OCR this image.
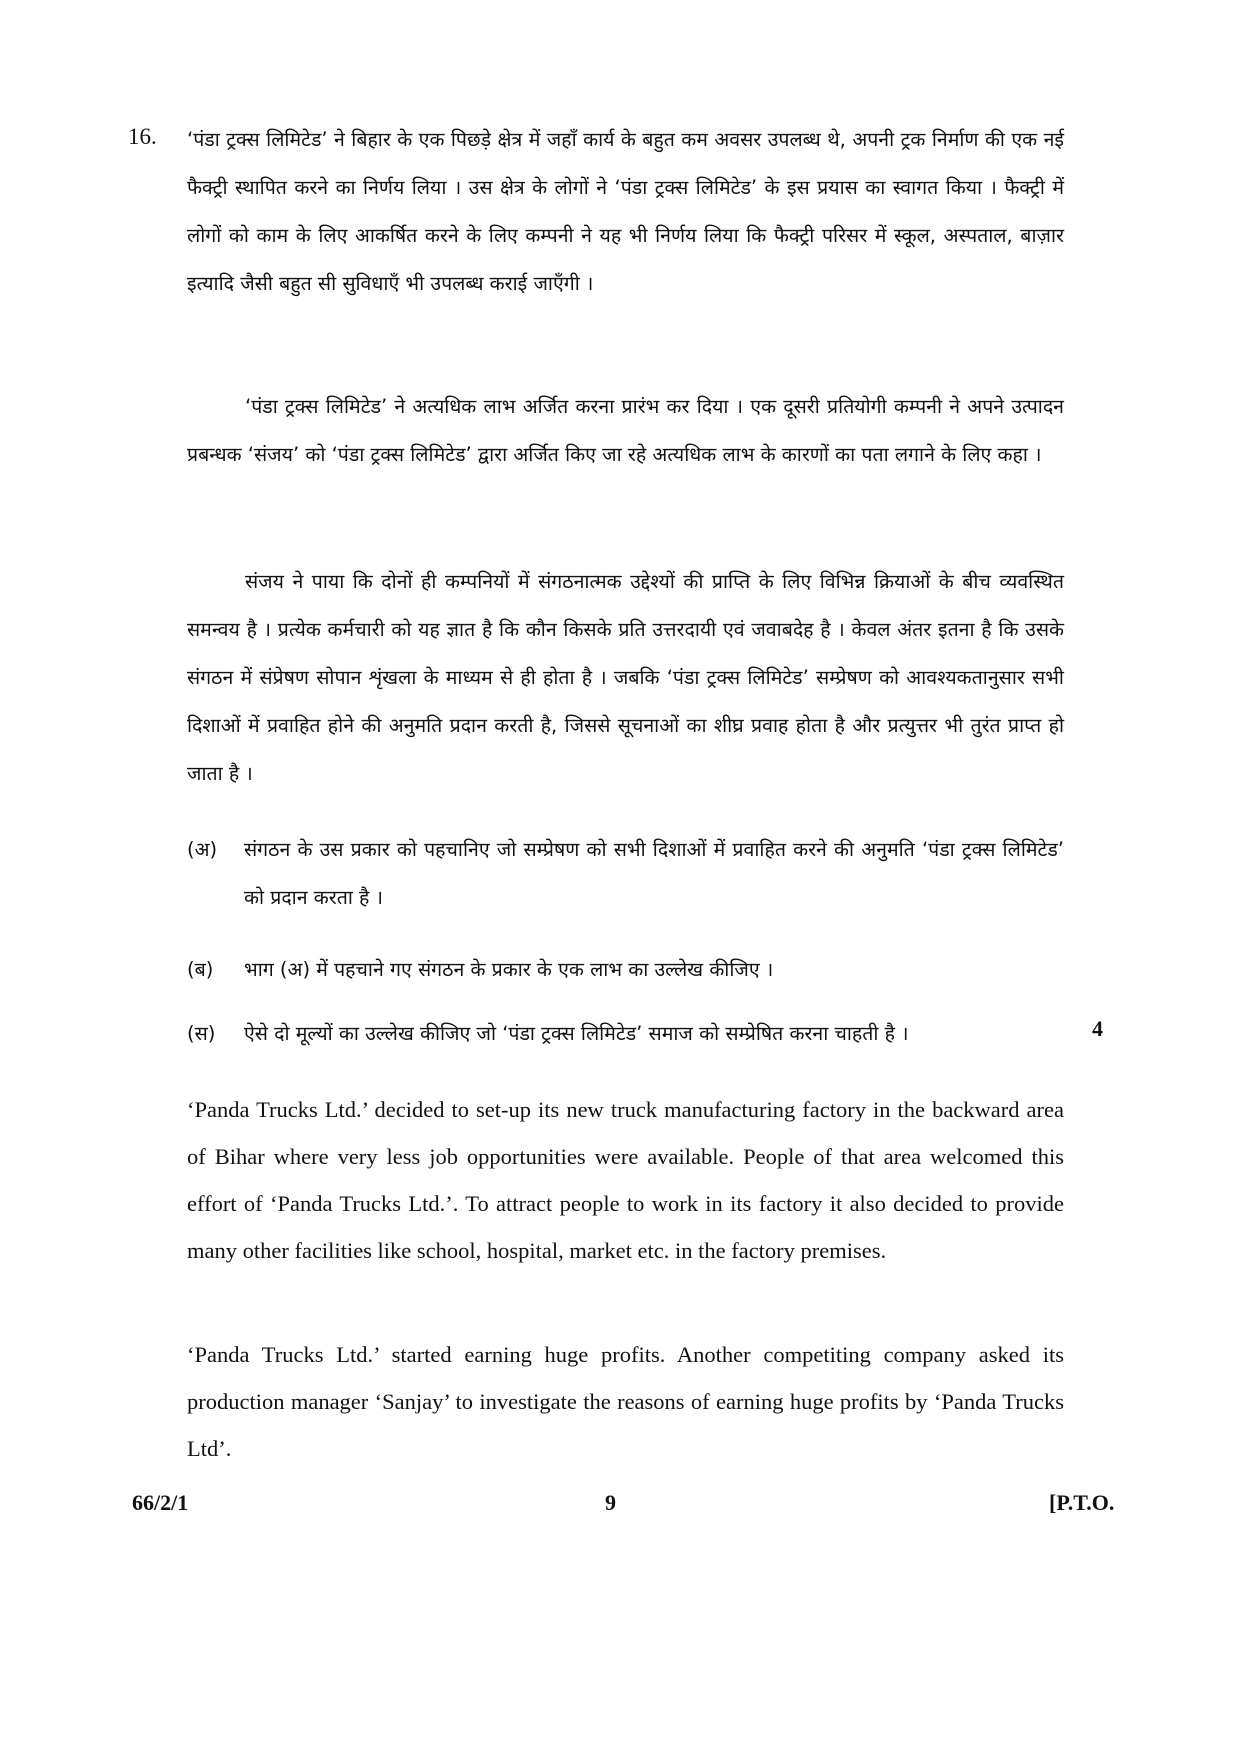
16. ‘पंडा ट्रक्स लिमिटेड’ ने बिहार के एक पिछड़े क्षेत्र में जहाँ कार्य के बहुत कम अवसर उपलब्ध थे, अपनी ट्रक निर्माण की एक नई फैक्ट्री स्थापित करने का निर्णय लिया । उस क्षेत्र के लोगों ने ‘पंडा ट्रक्स लिमिटेड’ के इस प्रयास का स्वागत किया । फैक्ट्री में लोगों को काम के लिए आकर्षित करने के लिए कम्पनी ने यह भी निर्णय लिया कि फैक्ट्री परिसर में स्कूल, अस्पताल, बाज़ार इत्यादि जैसी बहुत सी सुविधाएँ भी उपलब्ध कराई जाएँगी ।
‘पंडा ट्रक्स लिमिटेड’ ने अत्यधिक लाभ अर्जित करना प्रारंभ कर दिया । एक दूसरी प्रतियोगी कम्पनी ने अपने उत्पादन प्रबन्धक ‘संजय’ को ‘पंडा ट्रक्स लिमिटेड’ द्वारा अर्जित किए जा रहे अत्यधिक लाभ के कारणों का पता लगाने के लिए कहा ।
संजय ने पाया कि दोनों ही कम्पनियों में संगठनात्मक उद्देश्यों की प्राप्ति के लिए विभिन्न क्रियाओं के बीच व्यवस्थित समन्वय है । प्रत्येक कर्मचारी को यह ज्ञात है कि कौन किसके प्रति उत्तरदायी एवं जवाबदेह है । केवल अंतर इतना है कि उसके संगठन में संप्रेषण सोपान शृंखला के माध्यम से ही होता है । जबकि ‘पंडा ट्रक्स लिमिटेड’ सम्प्रेषण को आवश्यकतानुसार सभी दिशाओं में प्रवाहित होने की अनुमति प्रदान करती है, जिससे सूचनाओं का शीघ्र प्रवाह होता है और प्रत्युत्तर भी तुरंत प्राप्त हो जाता है ।
(अ) संगठन के उस प्रकार को पहचानिए जो सम्प्रेषण को सभी दिशाओं में प्रवाहित करने की अनुमति ‘पंडा ट्रक्स लिमिटेड’ को प्रदान करता है ।
(ब) भाग (अ) में पहचाने गए संगठन के प्रकार के एक लाभ का उल्लेख कीजिए ।
(स) ऐसे दो मूल्यों का उल्लेख कीजिए जो ‘पंडा ट्रक्स लिमिटेड’ समाज को सम्प्रेषित करना चाहती है ।	4
‘Panda Trucks Ltd.’ decided to set-up its new truck manufacturing factory in the backward area of Bihar where very less job opportunities were available. People of that area welcomed this effort of ‘Panda Trucks Ltd.’. To attract people to work in its factory it also decided to provide many other facilities like school, hospital, market etc. in the factory premises.
‘Panda Trucks Ltd.’ started earning huge profits. Another competiting company asked its production manager ‘Sanjay’ to investigate the reasons of earning huge profits by ‘Panda Trucks Ltd’.
66/2/1	9	[P.T.O.
